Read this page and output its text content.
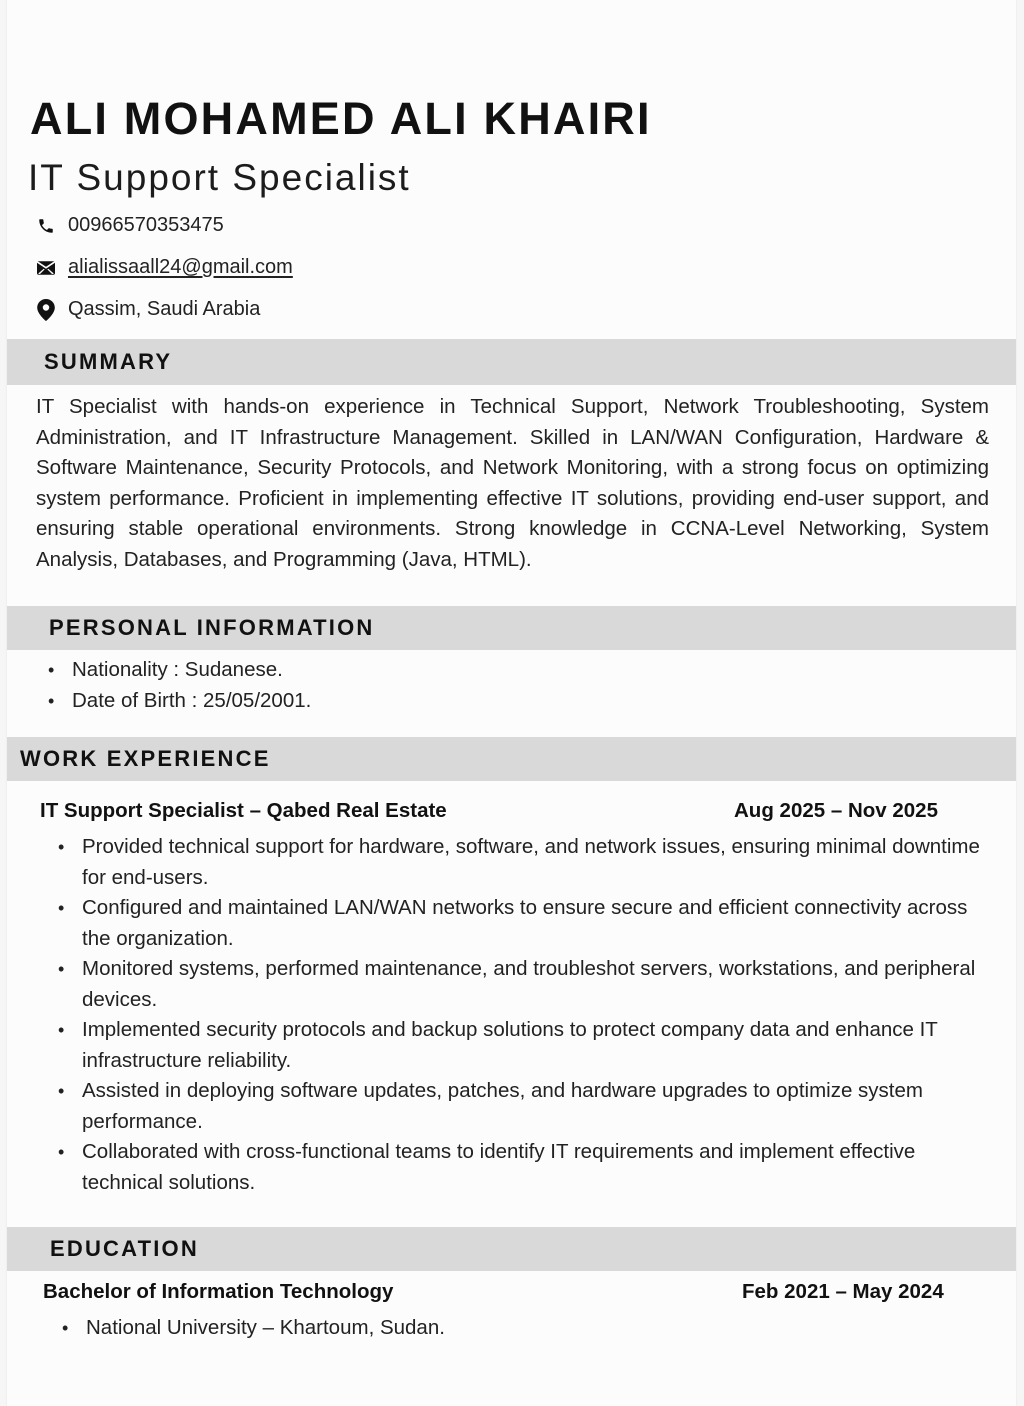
ALI MOHAMED ALI KHAIRI
IT Support Specialist
00966570353475
alialissaall24@gmail.com
Qassim, Saudi Arabia
SUMMARY

IT Specialist with hands-on experience in Technical Support, Network Troubleshooting, System Administration, and IT Infrastructure Management. Skilled in LAN/WAN Configuration, Hardware & Software Maintenance, Security Protocols, and Network Monitoring, with a strong focus on optimizing system performance. Proficient in implementing effective IT solutions, providing end-user support, and ensuring stable operational environments. Strong knowledge in CCNA-Level Networking, System Analysis, Databases, and Programming (Java, HTML).

PERSONAL INFORMATION
• Nationality : Sudanese.
• Date of Birth : 25/05/2001.
WORK EXPERIENCE
IT Support Specialist – Qabed Real Estate	Aug 2025 – Nov 2025
• Provided technical support for hardware, software, and network issues, ensuring minimal downtime for end-users.
• Configured and maintained LAN/WAN networks to ensure secure and efficient connectivity across the organization.
• Monitored systems, performed maintenance, and troubleshot servers, workstations, and peripheral devices.
• Implemented security protocols and backup solutions to protect company data and enhance IT infrastructure reliability.
• Assisted in deploying software updates, patches, and hardware upgrades to optimize system performance.
• Collaborated with cross-functional teams to identify IT requirements and implement effective technical solutions.
EDUCATION
Bachelor of Information Technology	Feb 2021 – May 2024
• National University – Khartoum, Sudan.
